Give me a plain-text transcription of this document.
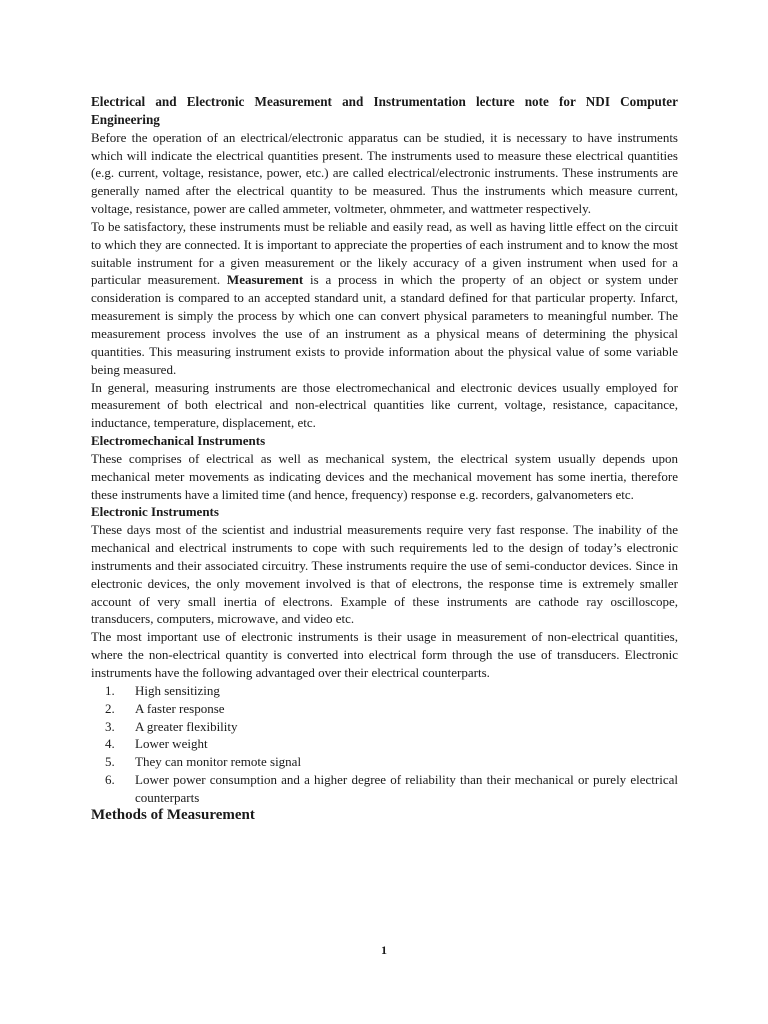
Electrical and Electronic Measurement and Instrumentation lecture note for NDI Computer Engineering

Before the operation of an electrical/electronic apparatus can be studied, it is necessary to have instruments which will indicate the electrical quantities present. The instruments used to measure these electrical quantities (e.g. current, voltage, resistance, power, etc.) are called electrical/electronic instruments. These instruments are generally named after the electrical quantity to be measured. Thus the instruments which measure current, voltage, resistance, power are called ammeter, voltmeter, ohmmeter, and wattmeter respectively.

To be satisfactory, these instruments must be reliable and easily read, as well as having little effect on the circuit to which they are connected. It is important to appreciate the properties of each instrument and to know the most suitable instrument for a given measurement or the likely accuracy of a given instrument when used for a particular measurement. Measurement is a process in which the property of an object or system under consideration is compared to an accepted standard unit, a standard defined for that particular property. Infarct, measurement is simply the process by which one can convert physical parameters to meaningful number. The measurement process involves the use of an instrument as a physical means of determining the physical quantities. This measuring instrument exists to provide information about the physical value of some variable being measured.

In general, measuring instruments are those electromechanical and electronic devices usually employed for measurement of both electrical and non-electrical quantities like current, voltage, resistance, capacitance, inductance, temperature, displacement, etc.

Electromechanical Instruments

These comprises of electrical as well as mechanical system, the electrical system usually depends upon mechanical meter movements as indicating devices and the mechanical movement has some inertia, therefore these instruments have a limited time (and hence, frequency) response e.g. recorders, galvanometers etc.

Electronic Instruments

These days most of the scientist and industrial measurements require very fast response. The inability of the mechanical and electrical instruments to cope with such requirements led to the design of today’s electronic instruments and their associated circuitry. These instruments require the use of semi-conductor devices. Since in electronic devices, the only movement involved is that of electrons, the response time is extremely smaller account of very small inertia of electrons. Example of these instruments are cathode ray oscilloscope, transducers, computers, microwave, and video etc.

The most important use of electronic instruments is their usage in measurement of non-electrical quantities, where the non-electrical quantity is converted into electrical form through the use of transducers. Electronic instruments have the following advantaged over their electrical counterparts.

1.	High sensitizing
2.	A faster response
3.	A greater flexibility
4.	Lower weight
5.	They can monitor remote signal
6.	Lower power consumption and a higher degree of reliability than their mechanical or purely electrical counterparts

Methods of Measurement

1
